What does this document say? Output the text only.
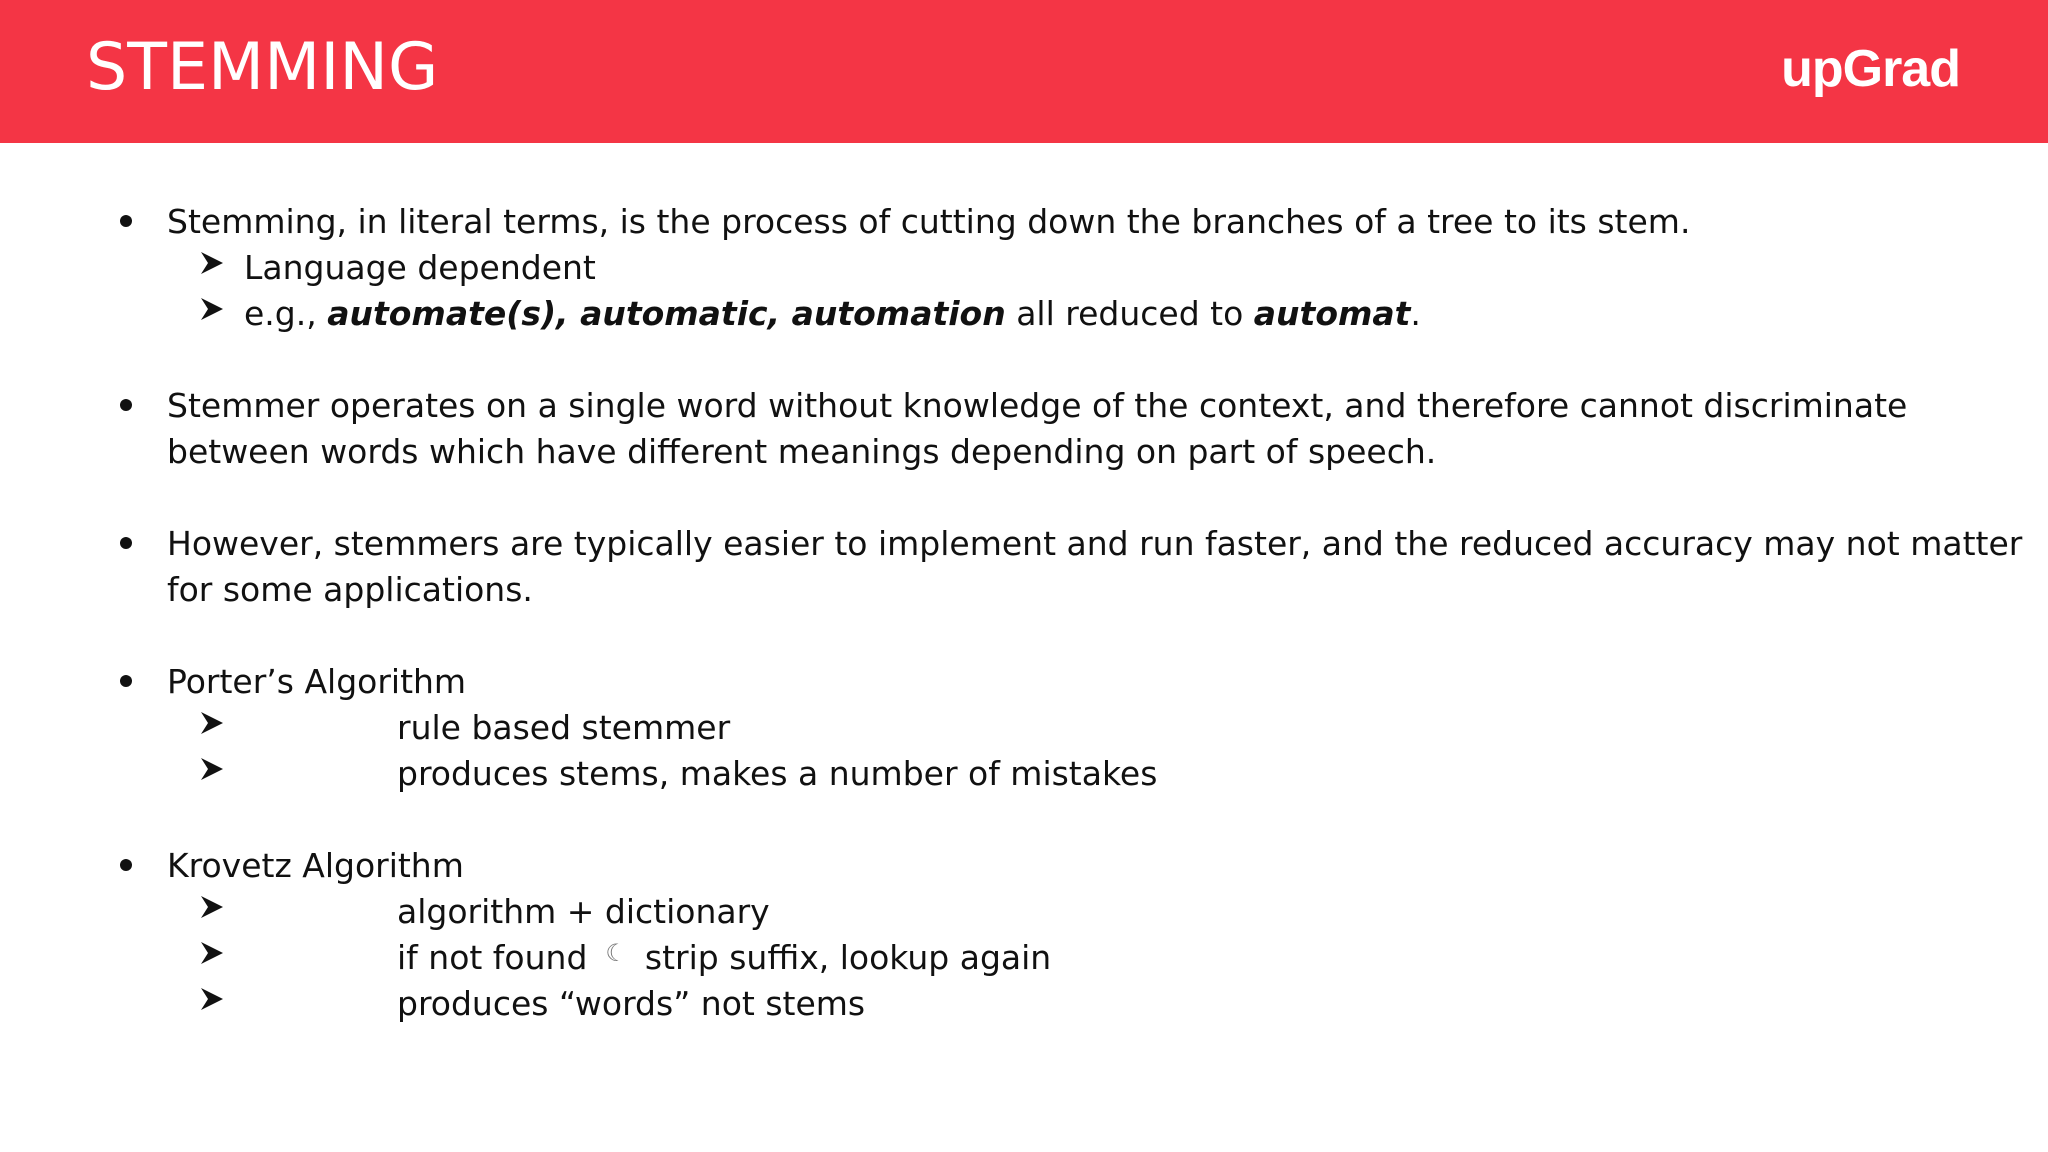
STEMMING	upGrad
Stemming, in literal terms, is the process of cutting down the branches of a tree to its stem.
Language dependent
e.g., automate(s), automatic, automation all reduced to automat.
Stemmer operates on a single word without knowledge of the context, and therefore cannot discriminate
between words which have different meanings depending on part of speech.
However, stemmers are typically easier to implement and run faster, and the reduced accuracy may not matter
for some applications.
Porter’s Algorithm
rule based stemmer
produces stems, makes a number of mistakes
Krovetz Algorithm
algorithm + dictionary
if not found ☾ strip suffix, lookup again
produces “words” not stems
